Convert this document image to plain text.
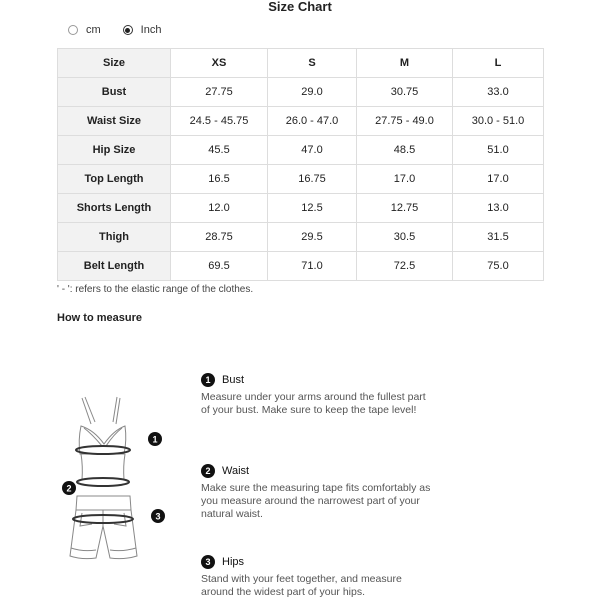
Size Chart
cm	Inch
Size	XS	S	M	L
Bust	27.75	29.0	30.75	33.0
Waist Size	24.5 - 45.75	26.0 - 47.0	27.75 - 49.0	30.0 - 51.0
Hip Size	45.5	47.0	48.5	51.0
Top Length	16.5	16.75	17.0	17.0
Shorts Length	12.0	12.5	12.75	13.0
Thigh	28.75	29.5	30.5	31.5
Belt Length	69.5	71.0	72.5	75.0
' - ': refers to the elastic range of the clothes.
How to measure
1
2
3
1	Bust
Measure under your arms around the fullest part of your bust. Make sure to keep the tape level!
2	Waist
Make sure the measuring tape fits comfortably as you measure around the narrowest part of your natural waist.
3	Hips
Stand with your feet together, and measure around the widest part of your hips.
